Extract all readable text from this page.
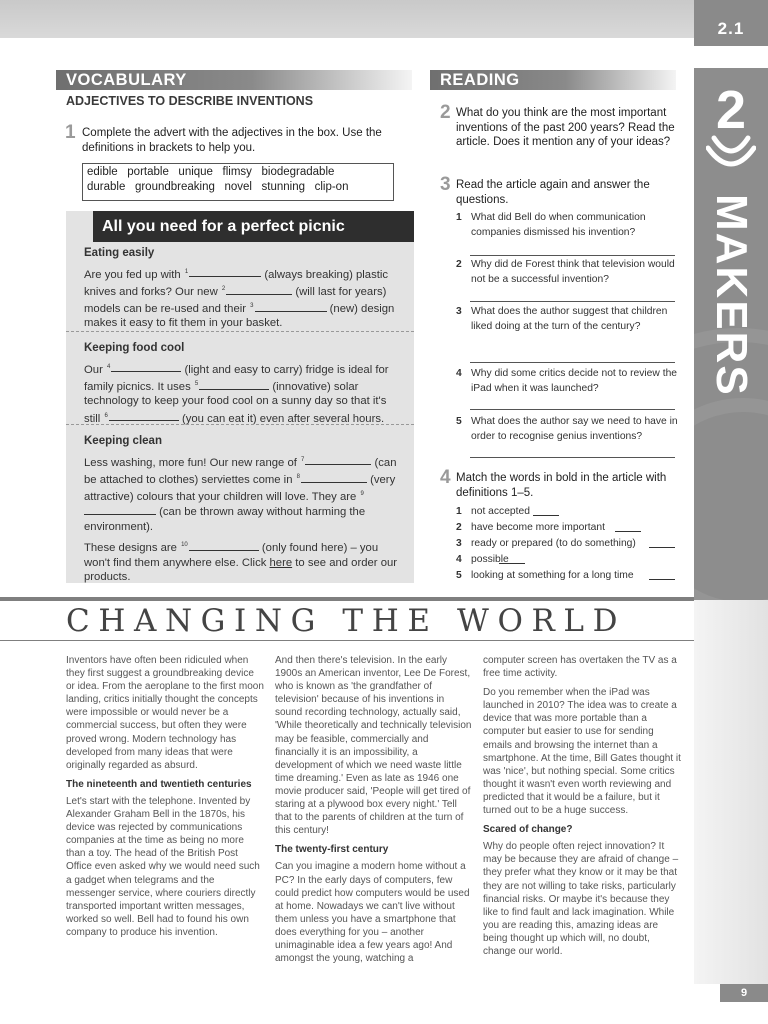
2.1
2
MAKERS
VOCABULARY
ADJECTIVES TO DESCRIBE INVENTIONS
1 Complete the advert with the adjectives in the box. Use the definitions in brackets to help you.
edible   portable   unique   flimsy   biodegradable
durable   groundbreaking   novel   stunning   clip-on
All you need for a perfect picnic
Eating easily
Are you fed up with $^1$	(always breaking) plastic knives and forks? Our new $^2$	(will last for years) models can be re-used and their $^3$	(new) design makes it easy to fit them in your basket.
Keeping food cool
Our $^4$	(light and easy to carry) fridge is ideal for family picnics. It uses $^5$	(innovative) solar technology to keep your food cool on a sunny day so that it's still $^6$	(you can eat it) even after several hours.
Keeping clean
Less washing, more fun! Our new range of $^7$	(can be attached to clothes) serviettes come in $^8$	(very attractive) colours that your children will love. They are $^9$ (can be thrown away without harming the environment).
These designs are $^{10}$	(only found here) – you won't find them anywhere else. Click here to see and order our products.
READING
2 What do you think are the most important inventions of the past 200 years? Read the article. Does it mention any of your ideas?
3 Read the article again and answer the questions.
1 What did Bell do when communication companies dismissed his invention?
2 Why did de Forest think that television would not be a successful invention?
3 What does the author suggest that children liked doing at the turn of the century?
4 Why did some critics decide not to review the iPad when it was launched?
5 What does the author say we need to have in order to recognise genius inventions?
4 Match the words in bold in the article with definitions 1–5.
1 not accepted
2 have become more important
3 ready or prepared (to do something)
4 possible
5 looking at something for a long time
CHANGING THE WORLD

Inventors have often been ridiculed when they first suggest a groundbreaking device or idea. From the aeroplane to the first moon landing, critics initially thought the concepts were impossible or would never be a commercial success, but often they were proved wrong. Modern technology has developed from many ideas that were originally regarded as absurd.

The nineteenth and twentieth centuries

Let's start with the telephone. Invented by Alexander Graham Bell in the 1870s, his device was rejected by communications companies at the time as being no more than a toy. The head of the British Post Office even asked why we would need such a gadget when telegrams and the messenger service, where couriers directly transported important written messages, worked so well. Bell had to found his own company to produce his invention.

And then there's television. In the early 1900s an American inventor, Lee De Forest, who is known as 'the grandfather of television' because of his inventions in sound recording technology, actually said, 'While theoretically and technically television may be feasible, commercially and financially it is an impossibility, a development of which we need waste little time dreaming.' Even as late as 1946 one movie producer said, 'People will get tired of staring at a plywood box every night.' Tell that to the parents of children at the turn of this century!

The twenty-first century

Can you imagine a modern home without a PC? In the early days of computers, few could predict how computers would be used at home. Nowadays we can't live without them unless you have a smartphone that does everything for you – another unimaginable idea a few years ago! And amongst the young, watching a

computer screen has overtaken the TV as a free time activity.

Do you remember when the iPad was launched in 2010? The idea was to create a device that was more portable than a computer but easier to use for sending emails and browsing the internet than a smartphone. At the time, Bill Gates thought it was 'nice', but nothing special. Some critics thought it wasn't even worth reviewing and predicted that it would be a failure, but it turned out to be a huge success.

Scared of change?

Why do people often reject innovation? It may be because they are afraid of change – they prefer what they know or it may be that they are not willing to take risks, particularly financial risks. Or maybe it's because they like to find fault and lack imagination. While you are reading this, amazing ideas are being thought up which will, no doubt, change our world.

9
